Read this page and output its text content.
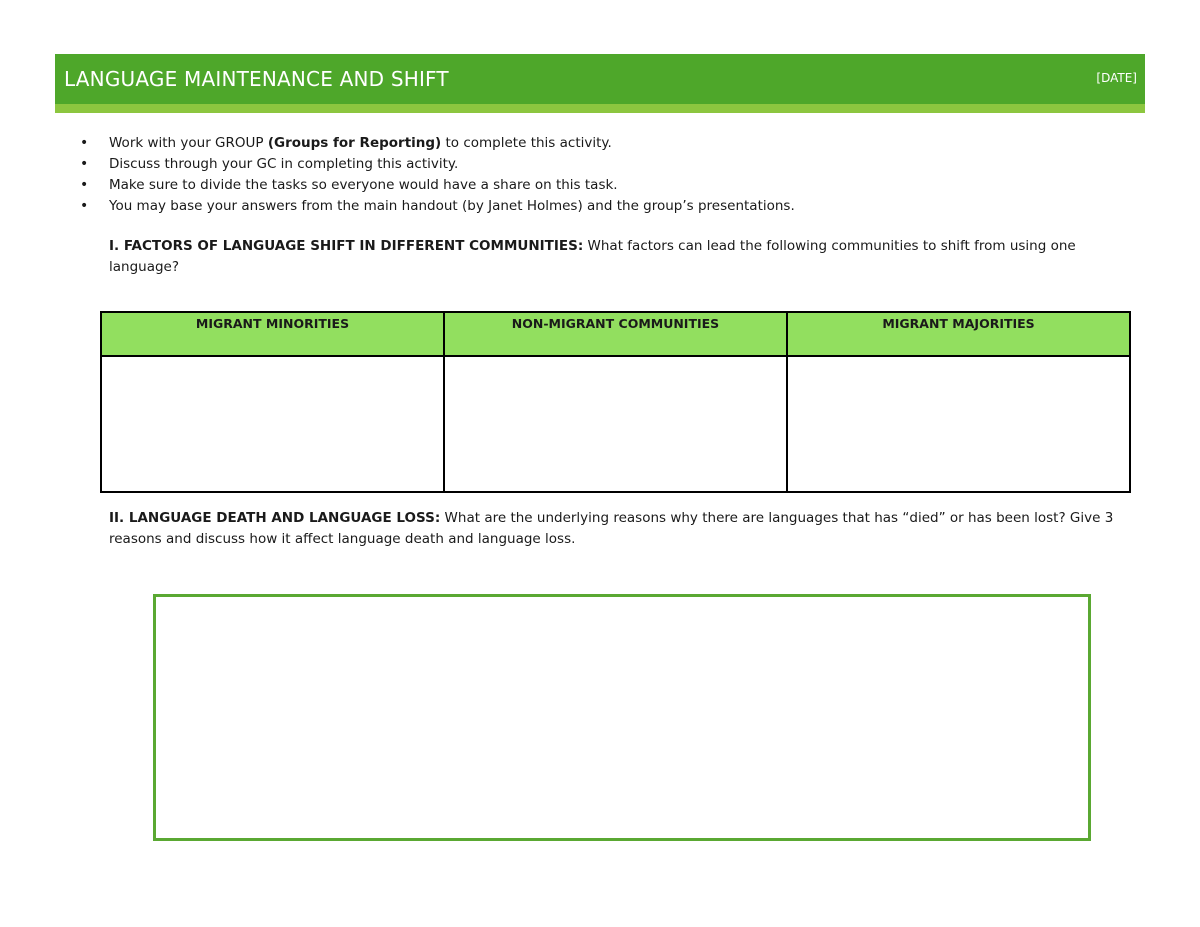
LANGUAGE MAINTENANCE AND SHIFT	[DATE]
• Work with your GROUP (Groups for Reporting) to complete this activity.
• Discuss through your GC in completing this activity.
• Make sure to divide the tasks so everyone would have a share on this task.
• You may base your answers from the main handout (by Janet Holmes) and the group’s presentations.
I. FACTORS OF LANGUAGE SHIFT IN DIFFERENT COMMUNITIES: What factors can lead the following communities to shift from using one language?
MIGRANT MINORITIES	NON-MIGRANT COMMUNITIES	MIGRANT MAJORITIES

II. LANGUAGE DEATH AND LANGUAGE LOSS: What are the underlying reasons why there are languages that has “died” or has been lost? Give 3 reasons and discuss how it affect language death and language loss.
